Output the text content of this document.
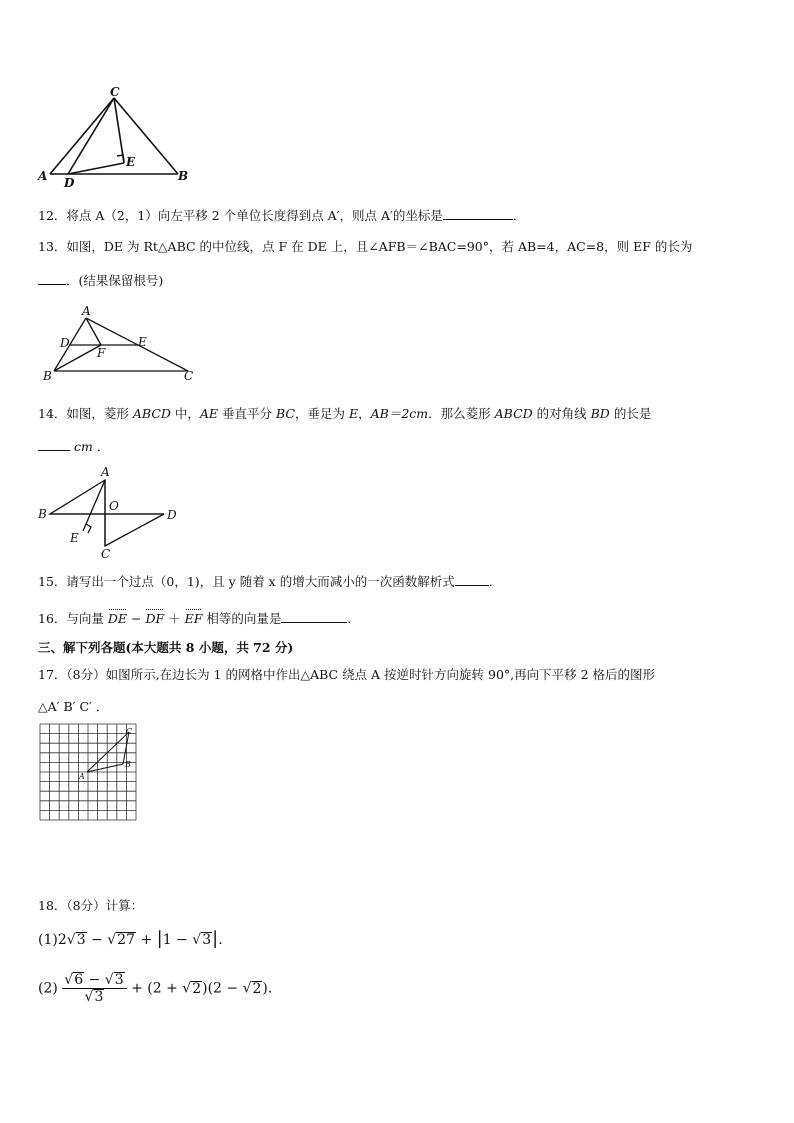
C
A D
E
B
12．将点 A（2，1）向左平移 2 个单位长度得到点 A′，则点 A′的坐标是	．
13．如图，DE 为 Rt△ABC 的中位线，点 F 在 DE 上，且∠AFB＝∠BAC=90°，若 AB=4，AC=8，则 EF 的长为
．(结果保留根号)
A
D	E
F
B	C
14．如图，菱形 ABCD 中，AE 垂直平分 BC，垂足为 E，AB＝2cm．那么菱形 ABCD 的对角线 BD 的长是
cm ．
A
B
O
D
E
C
15．请写出一个过点（0，1)，且 y 随着 x 的增大而减小的一次函数解析式	．
16．与向量 DE − DF ＋ EF 相等的向量是	．
三、解下列各题(本大题共 8 小题，共 72 分)
17．（8分）如图所示,在边长为 1 的网格中作出△ABC 绕点 A 按逆时针方向旋转 90°,再向下平移 2 格后的图形
△A′ B′ C′ ．
C
B
A
18．（8分）计算：
(1)2√3 − √27 + |1 − √3|.
$(2) \frac{√6 - √3}{√3} + (2 + √2)(2 - √2)$.
